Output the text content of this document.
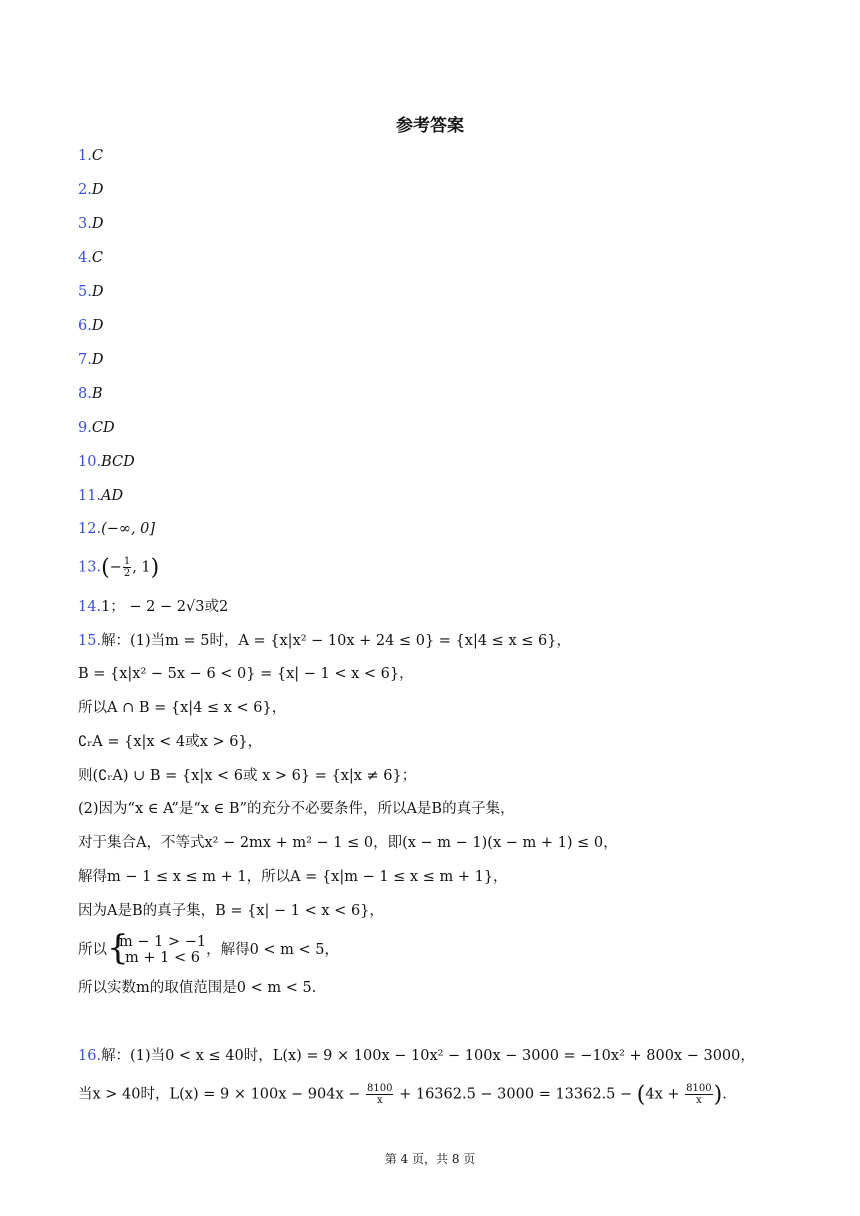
参考答案
1.C
2.D
3.D
4.C
5.D
6.D
7.D
8.B
9.CD
10.BCD
11.AD
12.(−∞, 0]
$13.(- \frac{1}{2}$ , 1)
14.1； − 2 − 2√3或2
15.解：(1)当m = 5时，A = {x|x² − 10x + 24 ≤ 0} = {x|4 ≤ x ≤ 6}，
B = {x|x² − 5x − 6 < 0} = {x| − 1 < x < 6}，
所以A ∩ B = {x|4 ≤ x < 6}，
∁ᵣA = {x|x < 4或x > 6}，
则(∁ᵣA) ∪ B = {x|x < 6或 x > 6} = {x|x ≠ 6}；
(2)因为“x ∈ A”是“x ∈ B”的充分不必要条件，所以A是B的真子集，
对于集合A，不等式x² − 2mx + m² − 1 ≤ 0，即(x − m − 1)(x − m + 1) ≤ 0，
解得m − 1 ≤ x ≤ m + 1，所以A = {x|m − 1 ≤ x ≤ m + 1}，
因为A是B的真子集，B = {x| − 1 < x < 6}，
所以 {
m − 1 > −1
m + 1 < 6 ，解得0 < m < 5，
所以实数m的取值范围是0 < m < 5.
16.解：(1)当0 < x ≤ 40时，L(x) = 9 × 100x − 10x² − 100x − 3000 = −10x² + 800x − 3000，
当x > 40时，$L(x) = 9 \times 100x - 904x - \frac{8100}{x} + 16362.5 - 3000 = 13362.5 - (4x + \frac{8100}{x}$ ).
第 4 页，共 8 页
